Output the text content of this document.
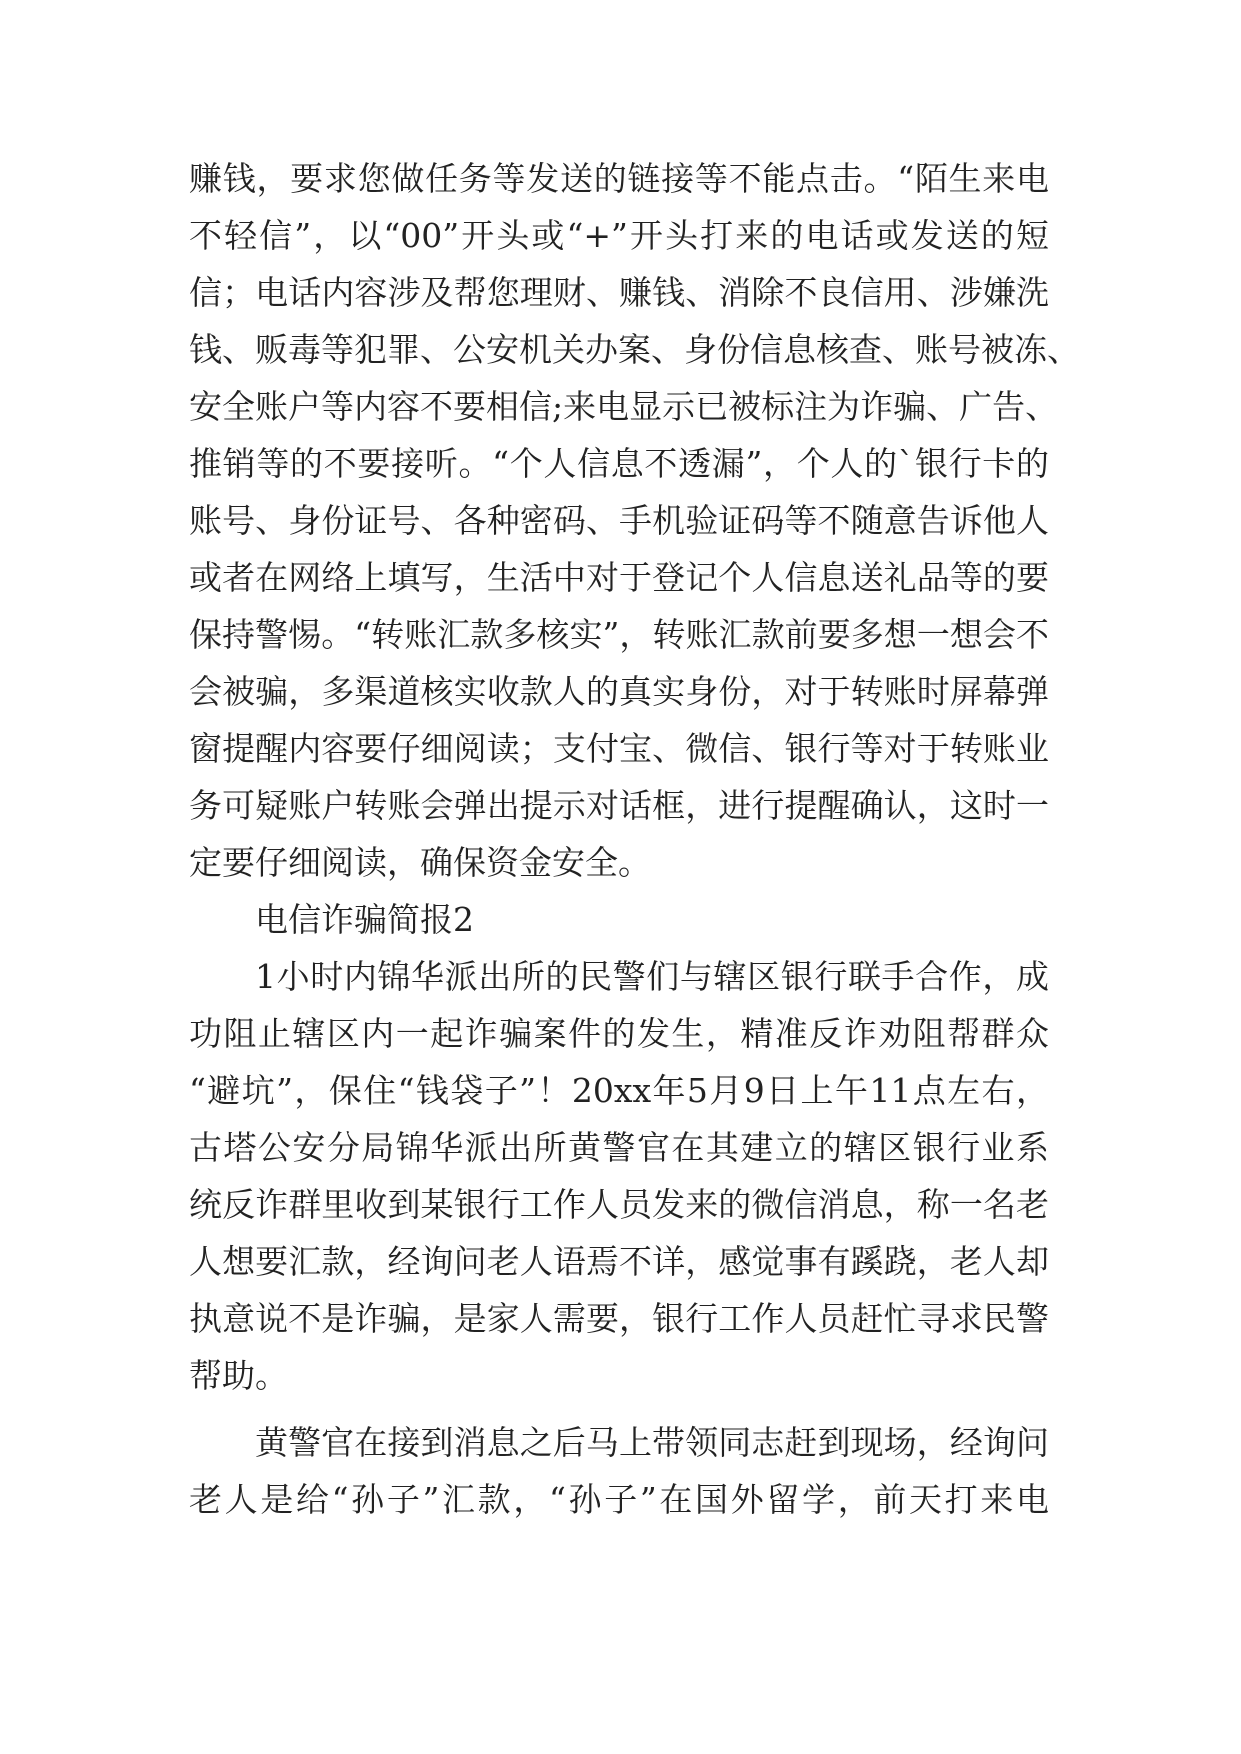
赚钱，要求您做任务等发送的链接等不能点击。“陌生来电
不轻信”，以“00”开头或“+”开头打来的电话或发送的短
信；电话内容涉及帮您理财、赚钱、消除不良信用、涉嫌洗
钱、贩毒等犯罪、公安机关办案、身份信息核查、账号被冻、
安全账户等内容不要相信;来电显示已被标注为诈骗、广告、
推销等的不要接听。“个人信息不透漏”，个人的`银行卡的
账号、身份证号、各种密码、手机验证码等不随意告诉他人
或者在网络上填写，生活中对于登记个人信息送礼品等的要
保持警惕。“转账汇款多核实”，转账汇款前要多想一想会不
会被骗，多渠道核实收款人的真实身份，对于转账时屏幕弹
窗提醒内容要仔细阅读；支付宝、微信、银行等对于转账业
务可疑账户转账会弹出提示对话框，进行提醒确认，这时一
定要仔细阅读，确保资金安全。
电信诈骗简报2
1小时内锦华派出所的民警们与辖区银行联手合作，成
功阻止辖区内一起诈骗案件的发生，精准反诈劝阻帮群众
“避坑”，保住“钱袋子”！20xx年5月9日上午11点左右，
古塔公安分局锦华派出所黄警官在其建立的辖区银行业系
统反诈群里收到某银行工作人员发来的微信消息，称一名老
人想要汇款，经询问老人语焉不详，感觉事有蹊跷，老人却
执意说不是诈骗，是家人需要，银行工作人员赶忙寻求民警
帮助。
黄警官在接到消息之后马上带领同志赶到现场，经询问
老人是给“孙子”汇款，“孙子”在国外留学，前天打来电
